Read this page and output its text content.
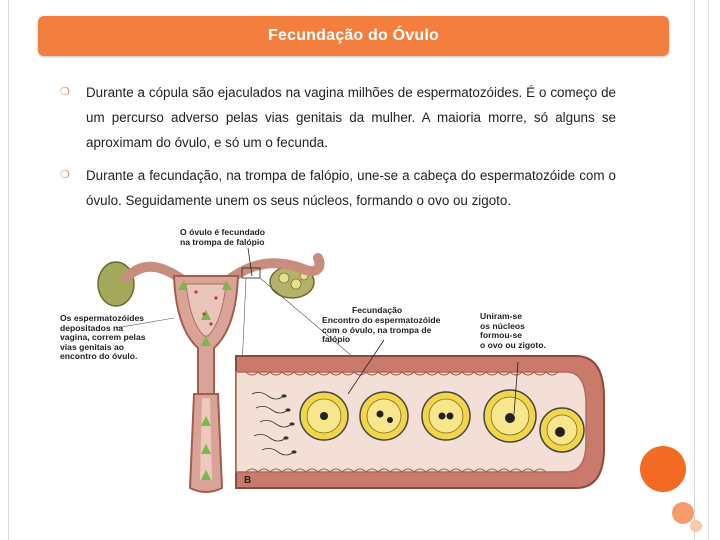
Fecundação do Óvulo
❍ Durante a cópula são ejaculados na vagina milhões de espermatozóides. É o começo de um percurso adverso pelas vias genitais da mulher. A maioria morre, só alguns se aproximam do óvulo, e só um o fecunda.
❍ Durante a fecundação, na trompa de falópio, une-se a cabeça do espermatozóide com o óvulo. Seguidamente unem os seus núcleos, formando o ovo ou zigoto.
O óvulo é fecundado
na trompa de falópio
Os espermatozóides
depositados na
vagina, correm pelas
vias genitais ao
encontro do óvulo.
Fecundação
Encontro do espermatozóide
com o óvulo, na trompa de
falópio
Uniram-se
os núcleos
formou-se
o ovo ou zigoto.
B
